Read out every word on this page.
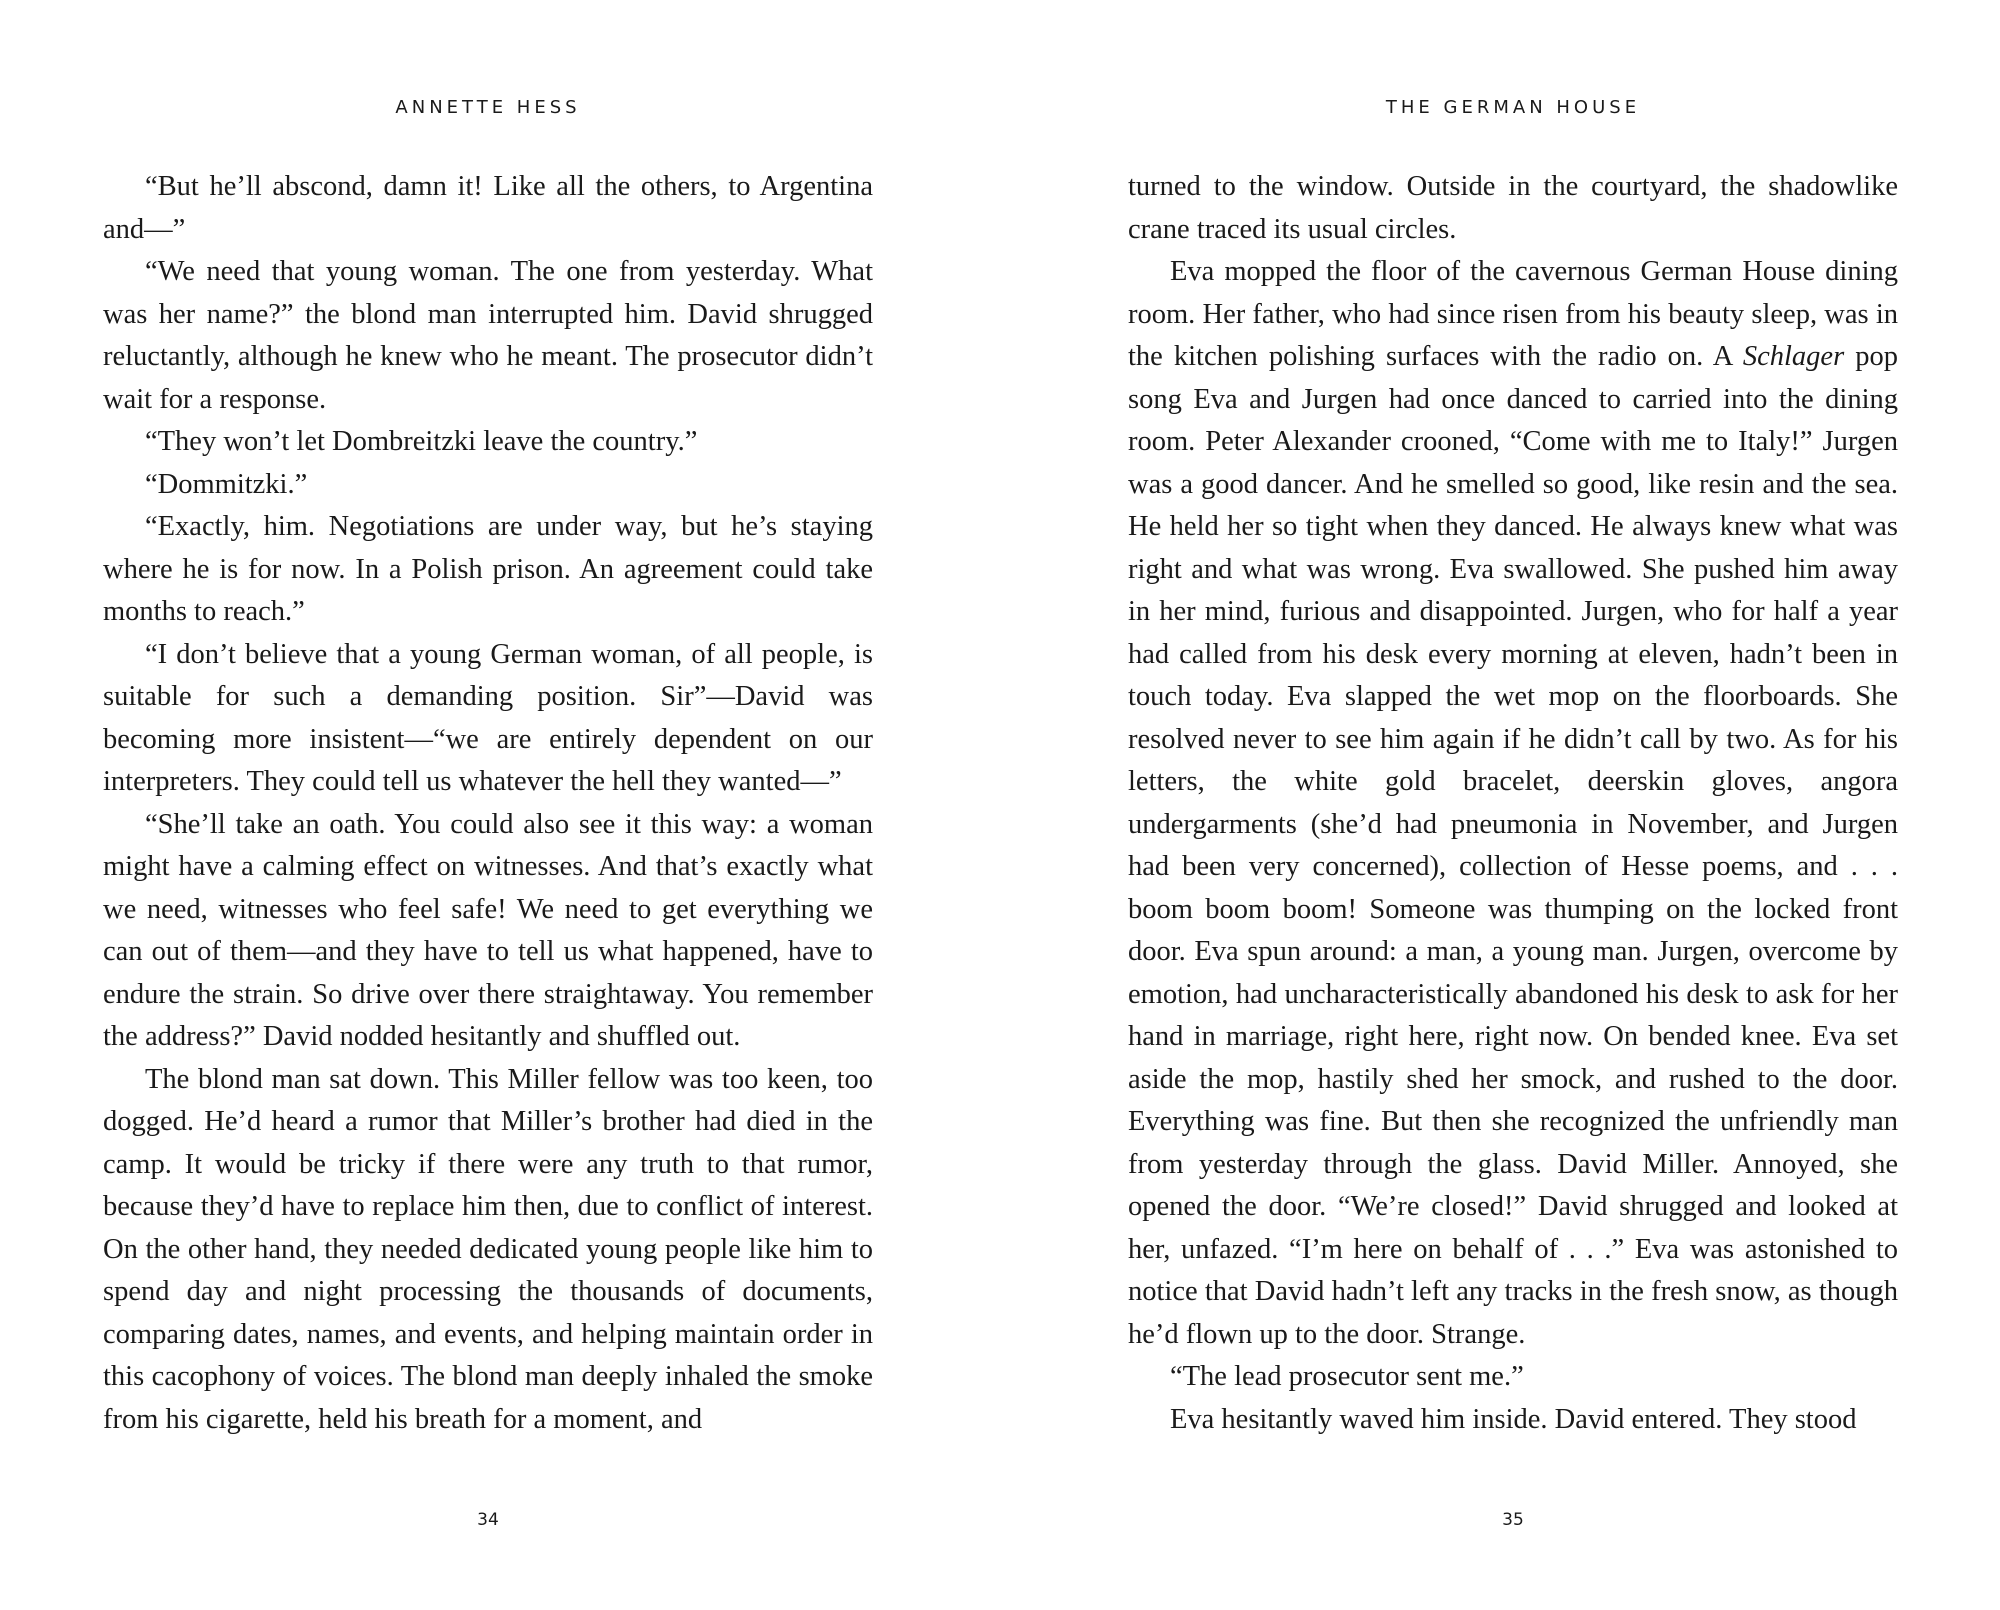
ANNETTE HESS

“But he’ll abscond, damn it! Like all the others, to Argentina and—”

“We need that young woman. The one from yesterday. What was her name?” the blond man interrupted him. David shrugged reluctantly, although he knew who he meant. The prosecutor didn’t wait for a response.

“They won’t let Dombreitzki leave the country.”

“Dommitzki.”

“Exactly, him. Negotiations are under way, but he’s staying where he is for now. In a Polish prison. An agreement could take months to reach.”

“I don’t believe that a young German woman, of all people, is suitable for such a demanding position. Sir”—David was becoming more insistent—“we are entirely dependent on our interpreters. They could tell us whatever the hell they wanted—”

“She’ll take an oath. You could also see it this way: a woman might have a calming effect on witnesses. And that’s exactly what we need, witnesses who feel safe! We need to get everything we can out of them—and they have to tell us what happened, have to endure the strain. So drive over there straightaway. You remember the address?” David nodded hesitantly and shuffled out.

The blond man sat down. This Miller fellow was too keen, too dogged. He’d heard a rumor that Miller’s brother had died in the camp. It would be tricky if there were any truth to that rumor, because they’d have to replace him then, due to conflict of interest. On the other hand, they needed dedicated young people like him to spend day and night processing the thousands of documents, comparing dates, names, and events, and helping maintain order in this cacophony of voices. The blond man deeply inhaled the smoke from his cigarette, held his breath for a moment, and

34
THE GERMAN HOUSE

turned to the window. Outside in the courtyard, the shadowlike crane traced its usual circles.

Eva mopped the floor of the cavernous German House dining room. Her father, who had since risen from his beauty sleep, was in the kitchen polishing surfaces with the radio on. A Schlager pop song Eva and Jurgen had once danced to carried into the dining room. Peter Alexander crooned, “Come with me to Italy!” Jurgen was a good dancer. And he smelled so good, like resin and the sea. He held her so tight when they danced. He always knew what was right and what was wrong. Eva swallowed. She pushed him away in her mind, furious and disappointed. Jurgen, who for half a year had called from his desk every morning at eleven, hadn’t been in touch today. Eva slapped the wet mop on the floorboards. She resolved never to see him again if he didn’t call by two. As for his letters, the white gold bracelet, deerskin gloves, angora undergarments (she’d had pneumonia in November, and Jurgen had been very concerned), collection of Hesse poems, and . . . boom boom boom! Someone was thumping on the locked front door. Eva spun around: a man, a young man. Jurgen, overcome by emotion, had uncharacteristically abandoned his desk to ask for her hand in marriage, right here, right now. On bended knee. Eva set aside the mop, hastily shed her smock, and rushed to the door. Everything was fine. But then she recognized the unfriendly man from yesterday through the glass. David Miller. Annoyed, she opened the door. “We’re closed!” David shrugged and looked at her, unfazed. “I’m here on behalf of . . .” Eva was astonished to notice that David hadn’t left any tracks in the fresh snow, as though he’d flown up to the door. Strange.

“The lead prosecutor sent me.”

Eva hesitantly waved him inside. David entered. They stood

35
